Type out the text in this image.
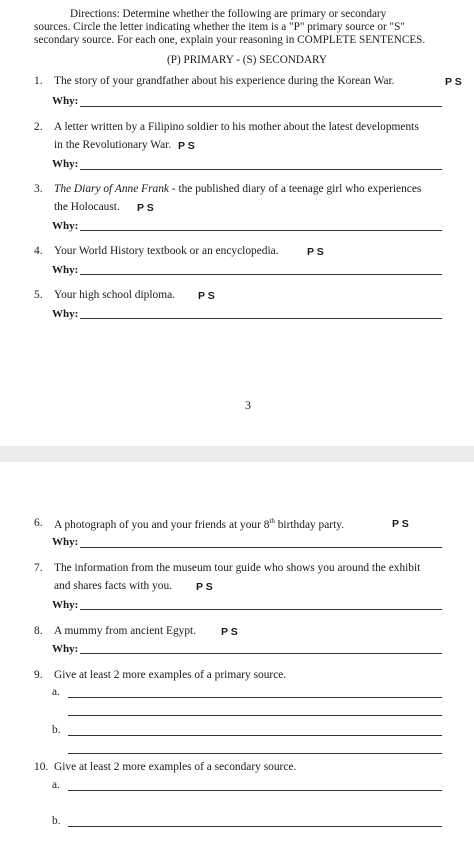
Directions: Determine whether the following are primary or secondary
sources. Circle the letter indicating whether the item is a "P" primary source or "S"
secondary source. For each one, explain your reasoning in COMPLETE SENTENCES.
(P) PRIMARY - (S) SECONDARY
1. The story of your grandfather about his experience during the Korean War.	P S
Why:
2. A letter written by a Filipino soldier to his mother about the latest developments
in the Revolutionary War. P S
Why:
3. The Diary of Anne Frank - the published diary of a teenage girl who experiences
the Holocaust. P S
Why:
4. Your World History textbook or an encyclopedia.	P S
Why:
5. Your high school diploma. P S
Why:
3
6. A photograph of you and your friends at your 8th birthday party.	P S
Why:
7. The information from the museum tour guide who shows you around the exhibit
and shares facts with you. P S
Why:
8. A mummy from ancient Egypt. P S
Why:
9. Give at least 2 more examples of a primary source.
a.
b.
10. Give at least 2 more examples of a secondary source.
a.
b.
